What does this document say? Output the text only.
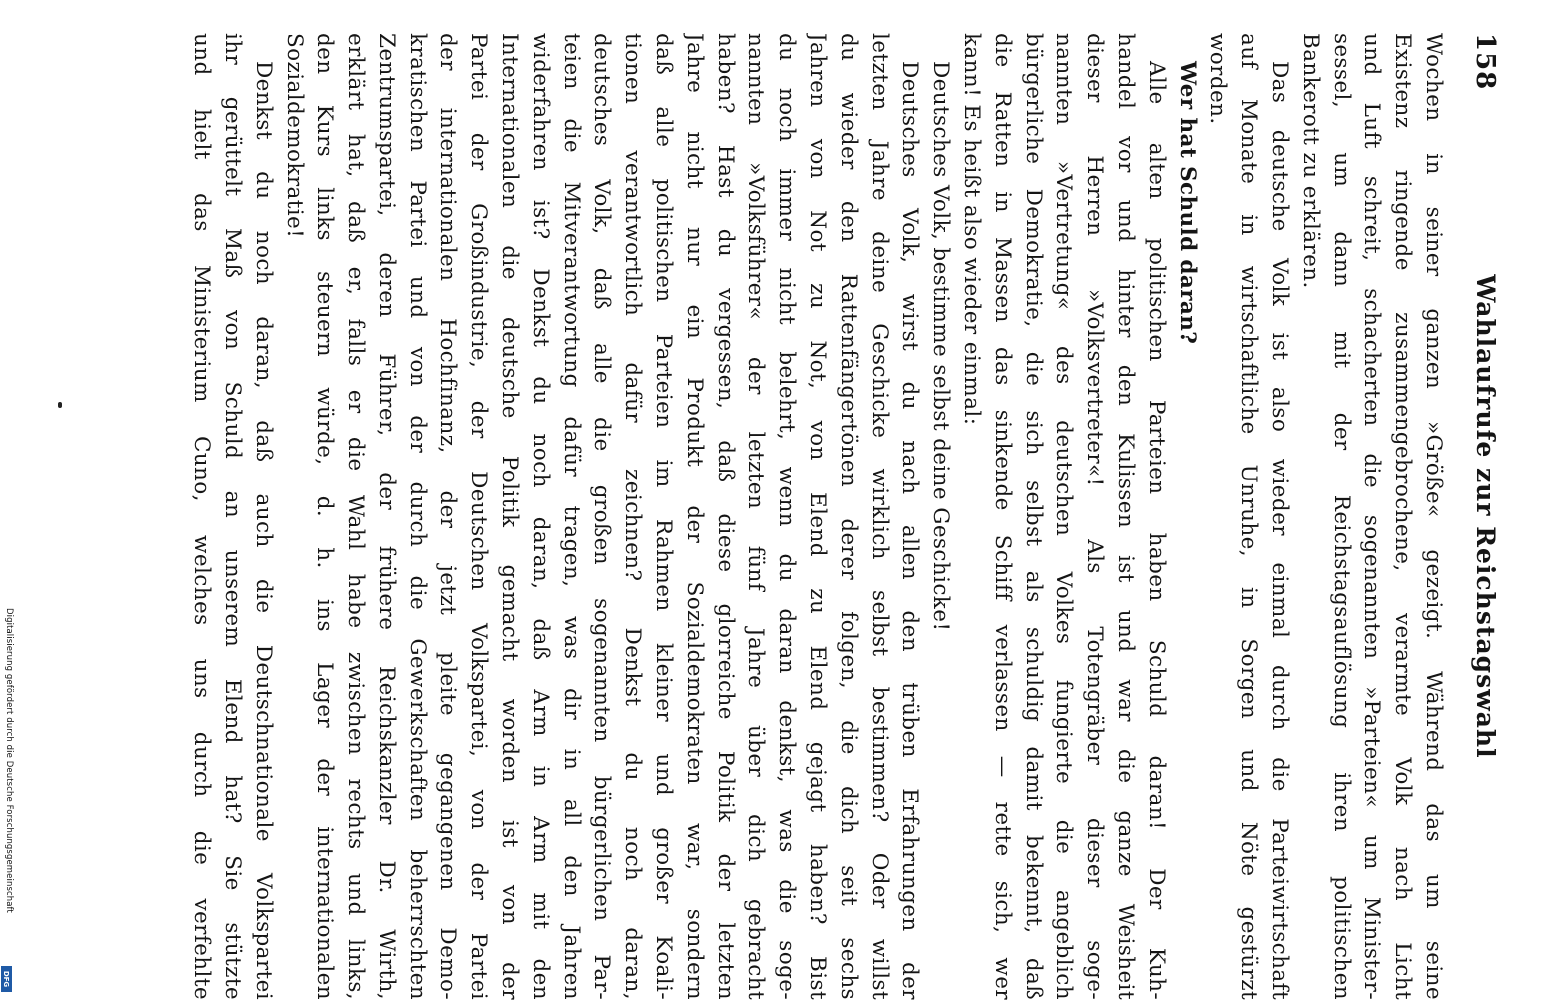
158
Wahlaufrufe zur Reichstagswahl
Wochen in seiner ganzen »Größe« gezeigt. Während das um seine
Existenz ringende zusammengebrochene, verarmte Volk nach Licht
und Luft schreit, schacherten die sogenannten »Parteien« um Minister-
sessel, um dann mit der Reichstagsauflösung ihren politischen
Bankerott zu erklären.
Das deutsche Volk ist also wieder einmal durch die Parteiwirtschaft
auf Monate in wirtschaftliche Unruhe, in Sorgen und Nöte gestürzt
worden.
Wer hat Schuld daran?
Alle alten politischen Parteien haben Schuld daran! Der Kuh-
handel vor und hinter den Kulissen ist und war die ganze Weisheit
dieser Herren »Volksvertreter«! Als Totengräber dieser soge-
nannten »Vertretung« des deutschen Volkes fungierte die angeblich
bürgerliche Demokratie, die sich selbst als schuldig damit bekennt, daß
die Ratten in Massen das sinkende Schiff verlassen — rette sich, wer
kann! Es heißt also wieder einmal:
Deutsches Volk, bestimme selbst deine Geschicke!
Deutsches Volk, wirst du nach allen den trüben Erfahrungen der
letzten Jahre deine Geschicke wirklich selbst bestimmen? Oder willst
du wieder den Rattenfängertönen derer folgen, die dich seit sechs
Jahren von Not zu Not, von Elend zu Elend gejagt haben? Bist
du noch immer nicht belehrt, wenn du daran denkst, was die soge-
nannten »Volksführer« der letzten fünf Jahre über dich gebracht
haben? Hast du vergessen, daß diese glorreiche Politik der letzten
Jahre nicht nur ein Produkt der Sozialdemokraten war, sondern
daß alle politischen Parteien im Rahmen kleiner und großer Koali-
tionen verantwortlich dafür zeichnen? Denkst du noch daran,
deutsches Volk, daß alle die großen sogenannten bürgerlichen Par-
teien die Mitverantwortung dafür tragen, was dir in all den Jahren
widerfahren ist? Denkst du noch daran, daß Arm in Arm mit den
Internationalen die deutsche Politik gemacht worden ist von der
Partei der Großindustrie, der Deutschen Volkspartei, von der Partei
der internationalen Hochfinanz, der jetzt pleite gegangenen Demo-
kratischen Partei und von der durch die Gewerkschaften beherrschten
Zentrumspartei, deren Führer, der frühere Reichskanzler Dr. Wirth,
erklärt hat, daß er, falls er die Wahl habe zwischen rechts und links,
den Kurs links steuern würde, d. h. ins Lager der internationalen
Sozialdemokratie!
Denkst du noch daran, daß auch die Deutschnationale Volkspartei
ihr gerüttelt Maß von Schuld an unserem Elend hat? Sie stützte
und hielt das Ministerium Cuno, welches uns durch die verfehlte
Digitalisierung gefördert durch die Deutsche Forschungsgemeinschaft
DFG
